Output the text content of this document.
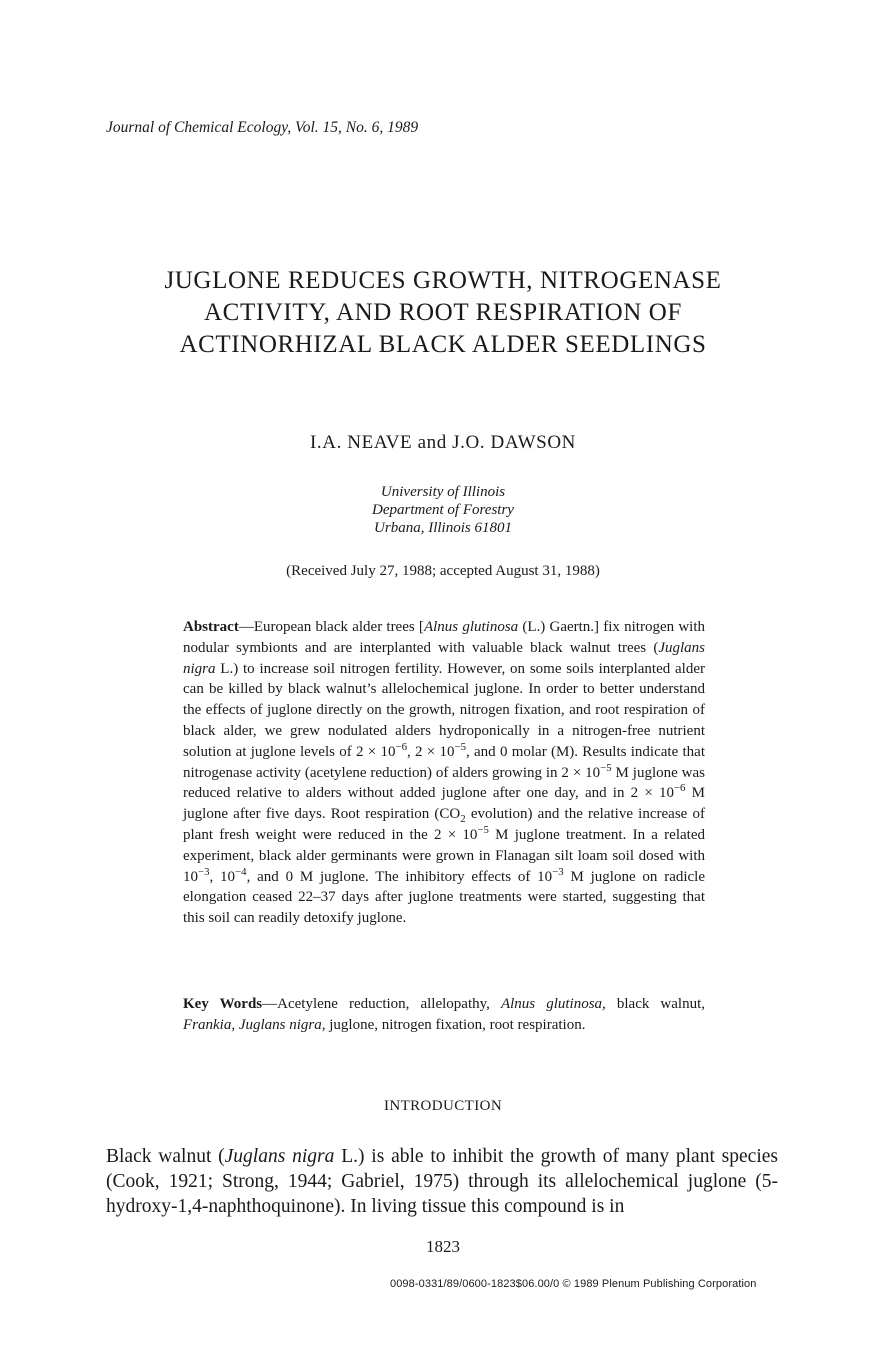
Journal of Chemical Ecology, Vol. 15, No. 6, 1989
JUGLONE REDUCES GROWTH, NITROGENASE
ACTIVITY, AND ROOT RESPIRATION OF
ACTINORHIZAL BLACK ALDER SEEDLINGS
I.A. NEAVE and J.O. DAWSON
University of Illinois
Department of Forestry
Urbana, Illinois 61801
(Received July 27, 1988; accepted August 31, 1988)
Abstract—European black alder trees [Alnus glutinosa (L.) Gaertn.] fix nitrogen with nodular symbionts and are interplanted with valuable black walnut trees (Juglans nigra L.) to increase soil nitrogen fertility. However, on some soils interplanted alder can be killed by black walnut’s allelochemical juglone. In order to better understand the effects of juglone directly on the growth, nitrogen fixation, and root respiration of black alder, we grew nodulated alders hydroponically in a nitrogen-free nutrient solution at juglone levels of $2 \times 10^{-6}$, $2 \times 10^{-5}$, and 0 molar (M). Results indicate that nitrogenase activity (acetylene reduction) of alders growing in $2 \times 10^{-5}$ M juglone was reduced relative to alders without added juglone after one day, and in $2 \times 10^{-6}$ M juglone after five days. Root respiration ($CO_2$ evolution) and the relative increase of plant fresh weight were reduced in the $2 \times 10^{-5}$ M juglone treatment. In a related experiment, black alder germinants were grown in Flanagan silt loam soil dosed with $10^{-3}$, $10^{-4}$, and 0 M juglone. The inhibitory effects of $10^{-3}$ M juglone on radicle elongation ceased 22–37 days after juglone treatments were started, suggesting that this soil can readily detoxify juglone.
Key Words—Acetylene reduction, allelopathy, Alnus glutinosa, black walnut, Frankia, Juglans nigra, juglone, nitrogen fixation, root respiration.
INTRODUCTION
Black walnut (Juglans nigra L.) is able to inhibit the growth of many plant species (Cook, 1921; Strong, 1944; Gabriel, 1975) through its allelochemical juglone (5-hydroxy-1,4-naphthoquinone). In living tissue this compound is in
1823
0098-0331/89/0600-1823$06.00/0 © 1989 Plenum Publishing Corporation
